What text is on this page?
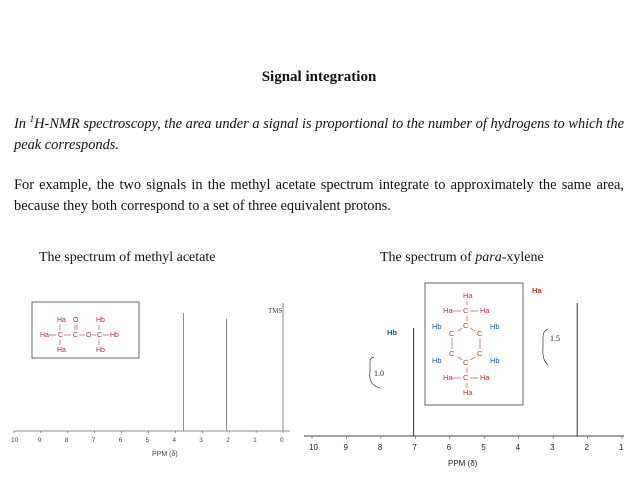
Signal integration
In $^1$H-NMR spectroscopy, the area under a signal is proportional to the number of hydrogens to which the peak corresponds.
For example, the two signals in the methyl acetate spectrum integrate to approximately the same area, because they both correspond to a set of three equivalent protons.
The spectrum of methyl acetate	The spectrum of para-xylene
10	9	8	7	6	5	4	3	2	1	0
TMS
PPM (δ)
Ha O	Hb
Ha C C O C Hb
Ha	Hb
10	9	8	7	6	5	4	3	2	1
PPM (δ)
Hb
Ha
1.0
1.5
Ha
Ha C Ha
C
Hb	Hb
C	C
C	C
Hb	Hb
C
Ha C Ha
Ha
